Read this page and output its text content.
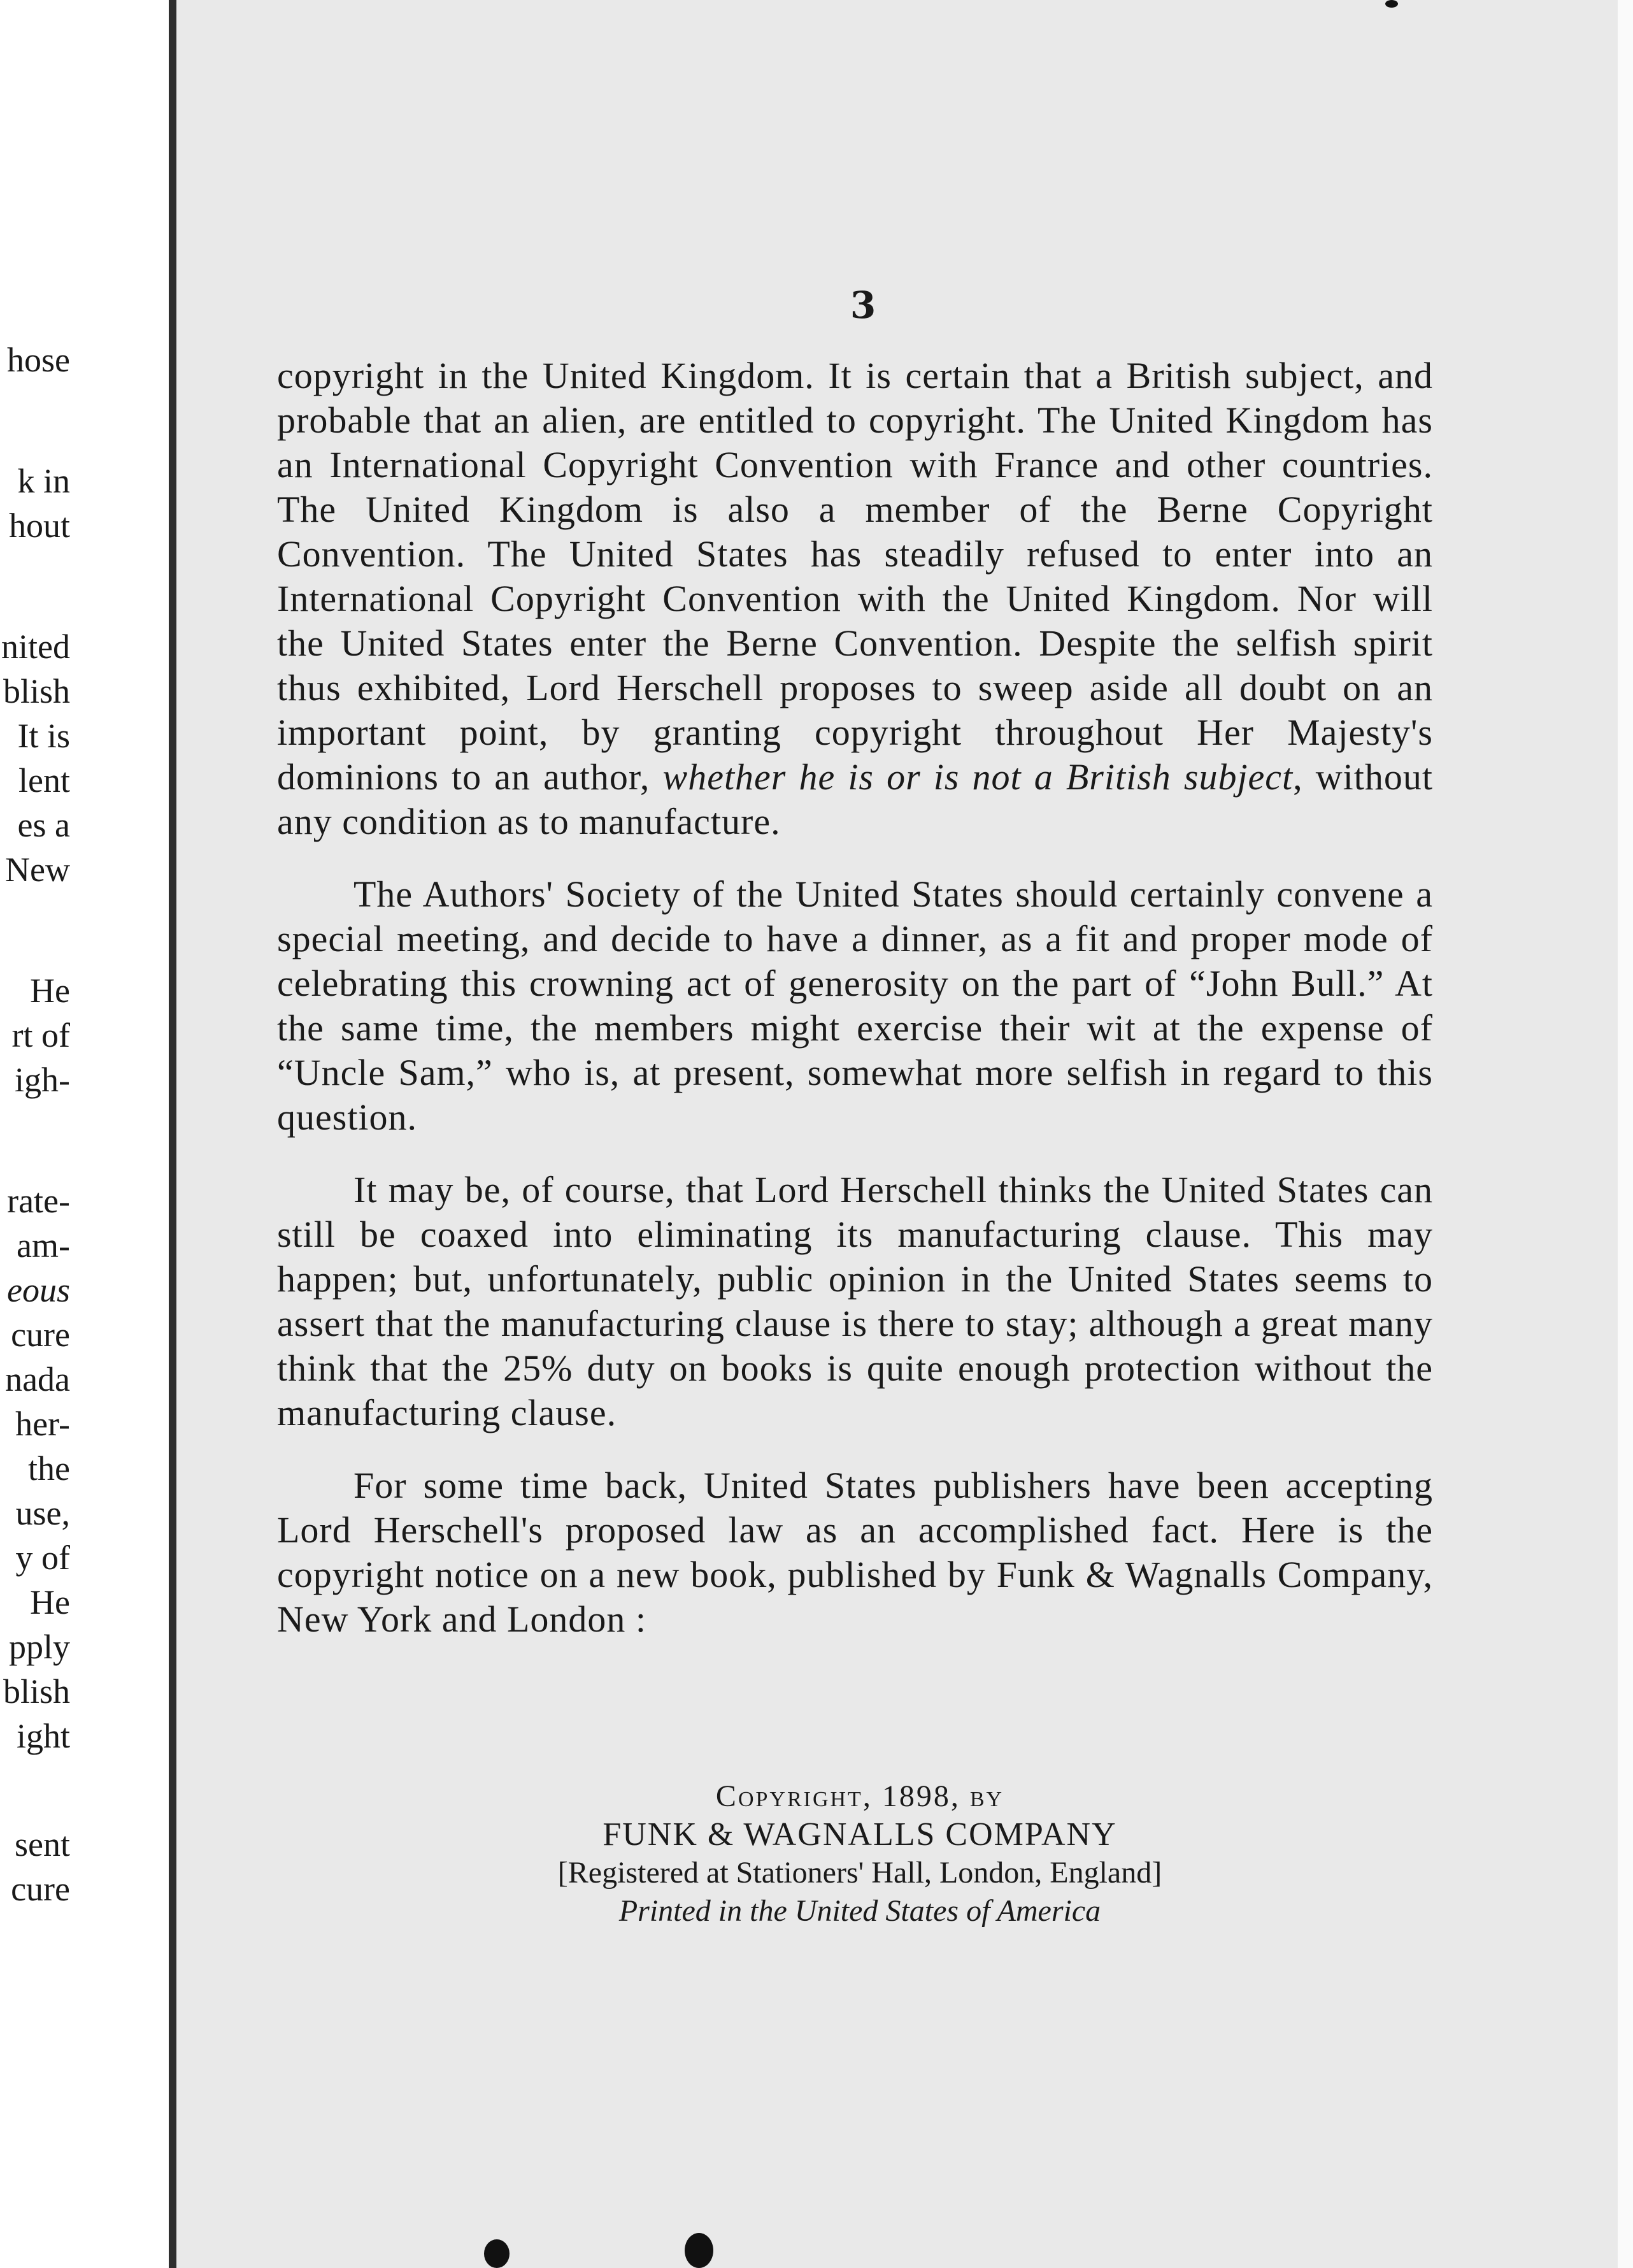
3

copyright in the United Kingdom. It is certain that a British subject, and probable that an alien, are entitled to copyright. The United Kingdom has an International Copyright Convention with France and other countries. The United Kingdom is also a member of the Berne Copyright Convention. The United States has steadily refused to enter into an International Copyright Convention with the United Kingdom. Nor will the United States enter the Berne Convention. Despite the selfish spirit thus exhibited, Lord Herschell proposes to sweep aside all doubt on an important point, by granting copyright throughout Her Majesty's dominions to an author, whether he is or is not a British subject, without any condition as to manufacture.

The Authors' Society of the United States should certainly convene a special meeting, and decide to have a dinner, as a fit and proper mode of celebrating this crowning act of generosity on the part of “John Bull.” At the same time, the members might exercise their wit at the expense of “Uncle Sam,” who is, at present, somewhat more selfish in regard to this question.

It may be, of course, that Lord Herschell thinks the United States can still be coaxed into eliminating its manufacturing clause. This may happen; but, unfortunately, public opinion in the United States seems to assert that the manufacturing clause is there to stay; although a great many think that the 25% duty on books is quite enough protection without the manufacturing clause.

For some time back, United States publishers have been accepting Lord Herschell's proposed law as an accomplished fact. Here is the copyright notice on a new book, published by Funk & Wagnalls Company, New York and London :

Copyright, 1898, by
FUNK & WAGNALLS COMPANY
[Registered at Stationers' Hall, London, England]
Printed in the United States of America
hose
k in
hout
nited
blish
It is
lent
es a
New
He
rt of
igh-
rate-
am-
eous
cure
nada
her-
the
use,
y of
He
pply
blish
ight
sent
cure
